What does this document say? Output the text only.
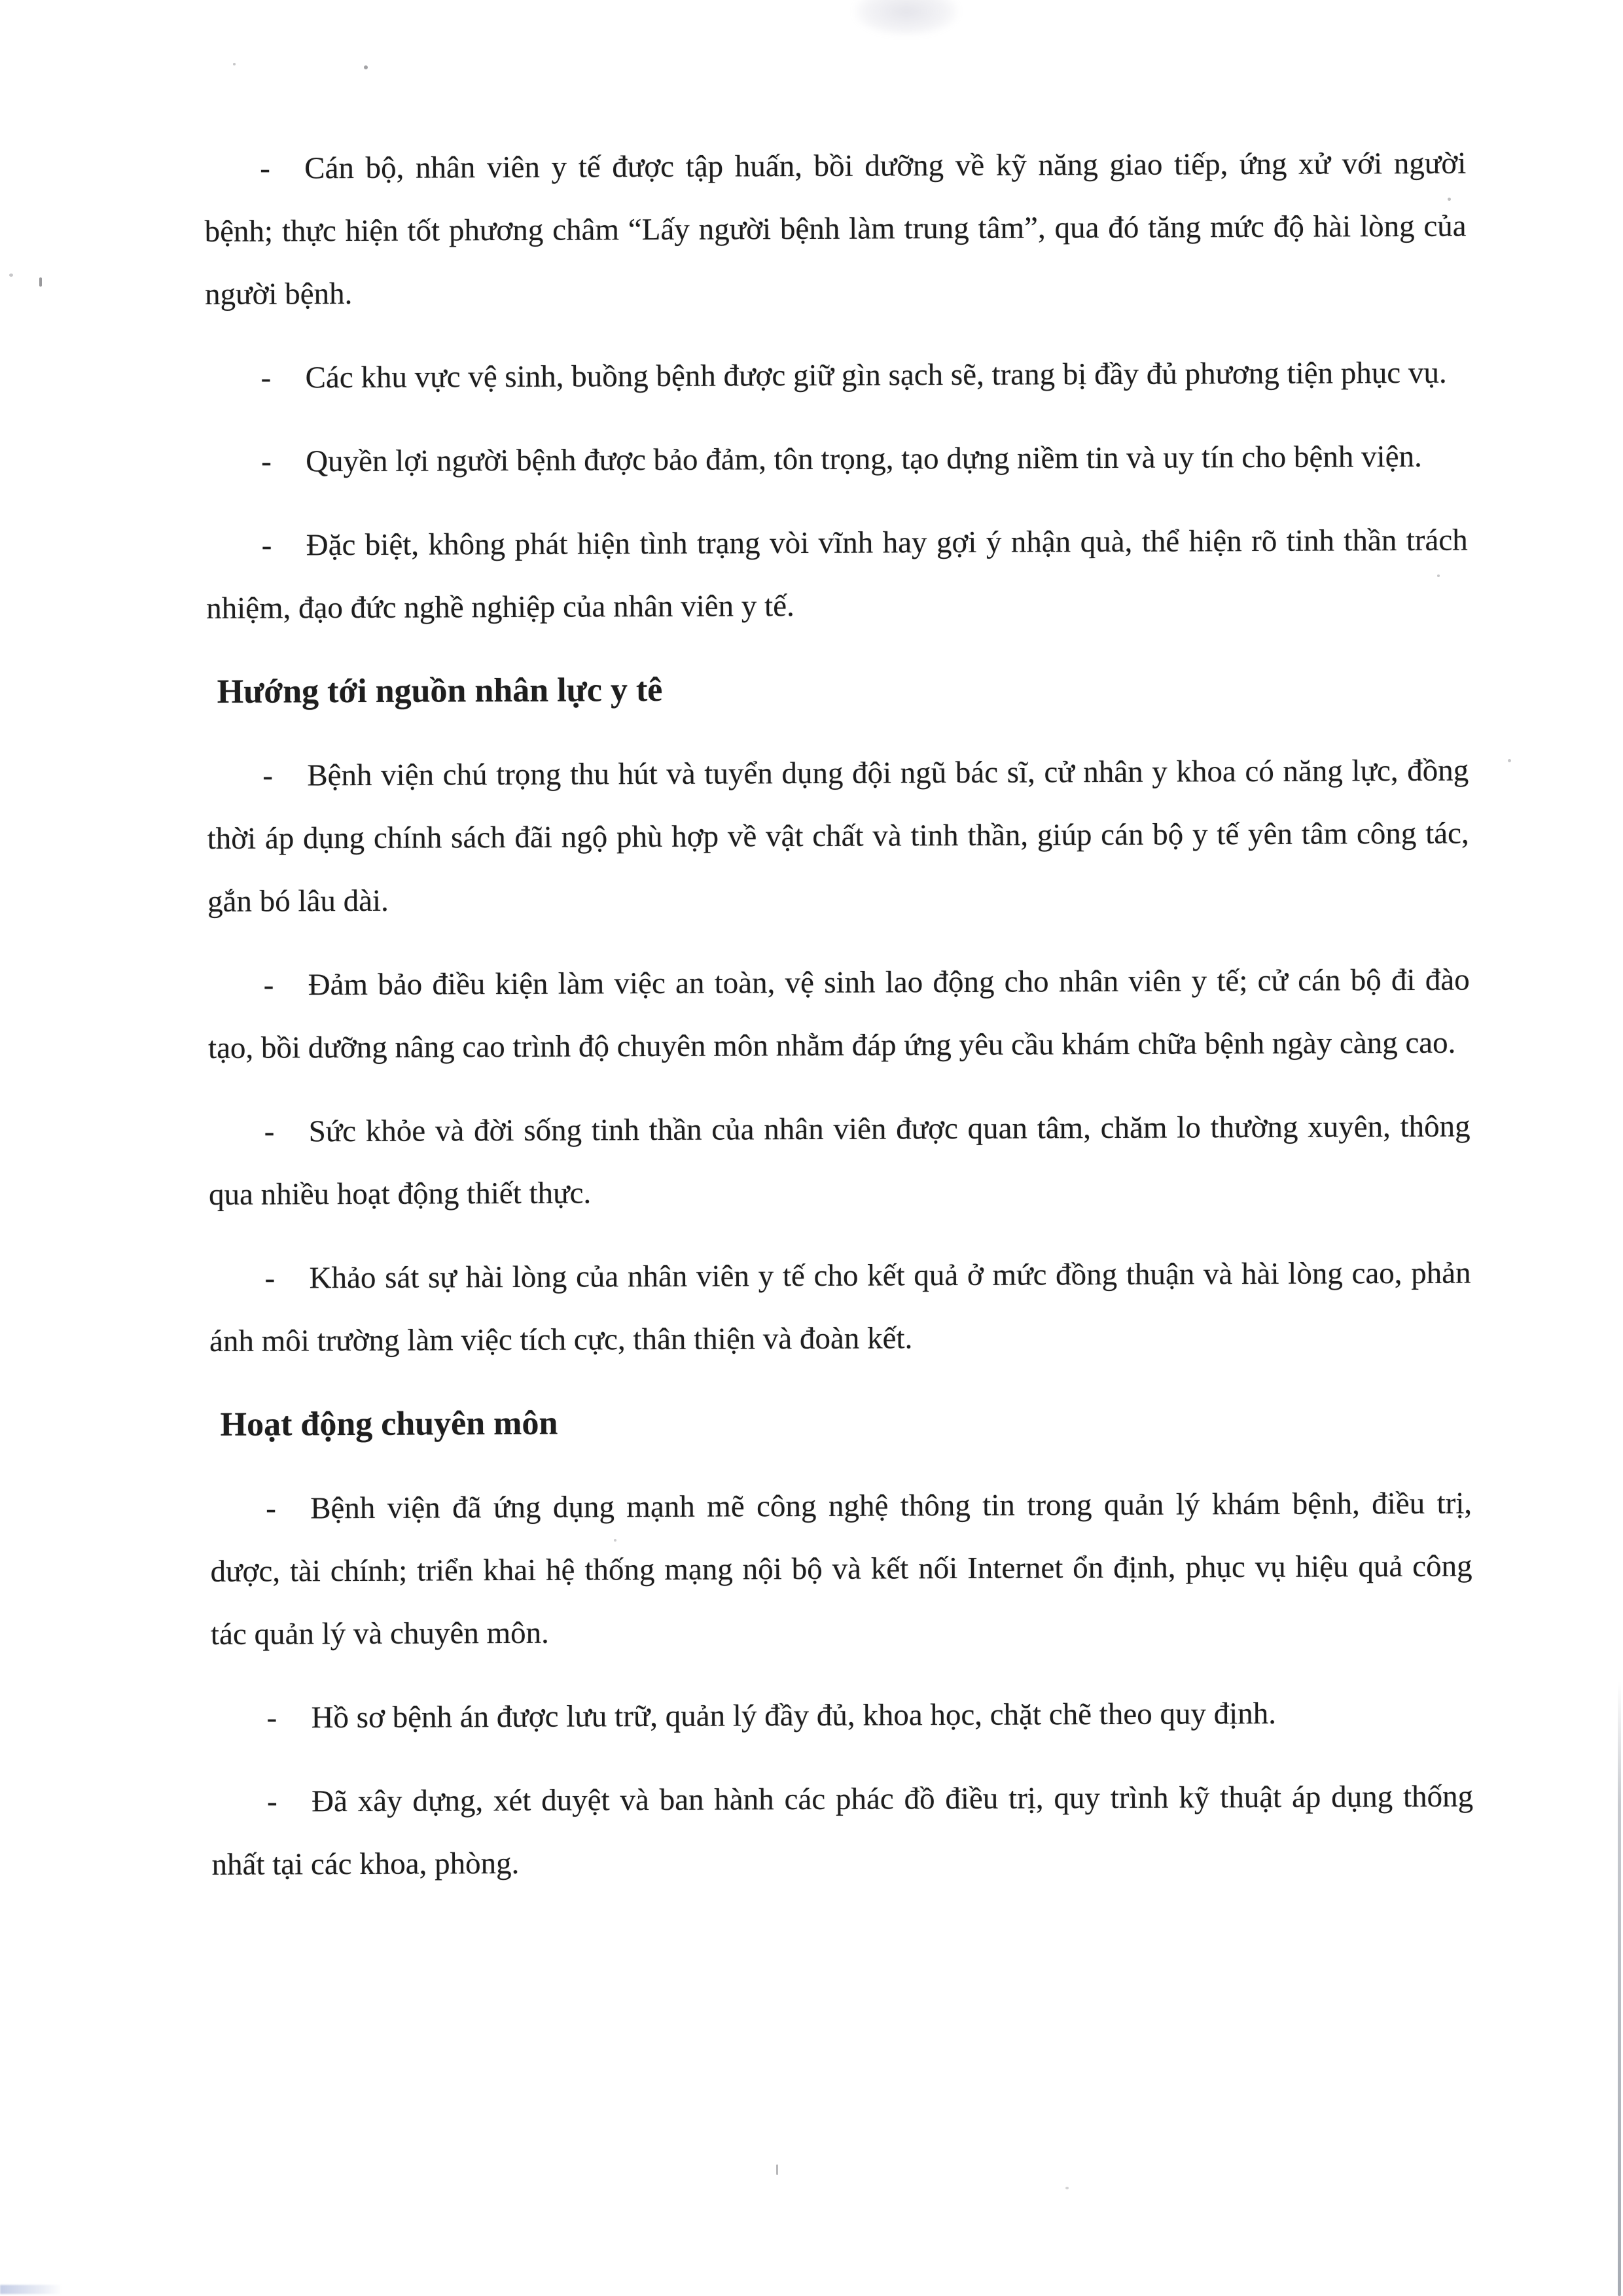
- Cán bộ, nhân viên y tế được tập huấn, bồi dưỡng về kỹ năng giao tiếp, ứng xử với người bệnh; thực hiện tốt phương châm “Lấy người bệnh làm trung tâm”, qua đó tăng mức độ hài lòng của người bệnh.

- Các khu vực vệ sinh, buồng bệnh được giữ gìn sạch sẽ, trang bị đầy đủ phương tiện phục vụ.

- Quyền lợi người bệnh được bảo đảm, tôn trọng, tạo dựng niềm tin và uy tín cho bệnh viện.

- Đặc biệt, không phát hiện tình trạng vòi vĩnh hay gợi ý nhận quà, thể hiện rõ tinh thần trách nhiệm, đạo đức nghề nghiệp của nhân viên y tế.

Hướng tới nguồn nhân lực y tê

- Bệnh viện chú trọng thu hút và tuyển dụng đội ngũ bác sĩ, cử nhân y khoa có năng lực, đồng thời áp dụng chính sách đãi ngộ phù hợp về vật chất và tinh thần, giúp cán bộ y tế yên tâm công tác, gắn bó lâu dài.

- Đảm bảo điều kiện làm việc an toàn, vệ sinh lao động cho nhân viên y tế; cử cán bộ đi đào tạo, bồi dưỡng nâng cao trình độ chuyên môn nhằm đáp ứng yêu cầu khám chữa bệnh ngày càng cao.

- Sức khỏe và đời sống tinh thần của nhân viên được quan tâm, chăm lo thường xuyên, thông qua nhiều hoạt động thiết thực.

- Khảo sát sự hài lòng của nhân viên y tế cho kết quả ở mức đồng thuận và hài lòng cao, phản ánh môi trường làm việc tích cực, thân thiện và đoàn kết.

Hoạt động chuyên môn

- Bệnh viện đã ứng dụng mạnh mẽ công nghệ thông tin trong quản lý khám bệnh, điều trị, dược, tài chính; triển khai hệ thống mạng nội bộ và kết nối Internet ổn định, phục vụ hiệu quả công tác quản lý và chuyên môn.

- Hồ sơ bệnh án được lưu trữ, quản lý đầy đủ, khoa học, chặt chẽ theo quy định.

- Đã xây dựng, xét duyệt và ban hành các phác đồ điều trị, quy trình kỹ thuật áp dụng thống nhất tại các khoa, phòng.
